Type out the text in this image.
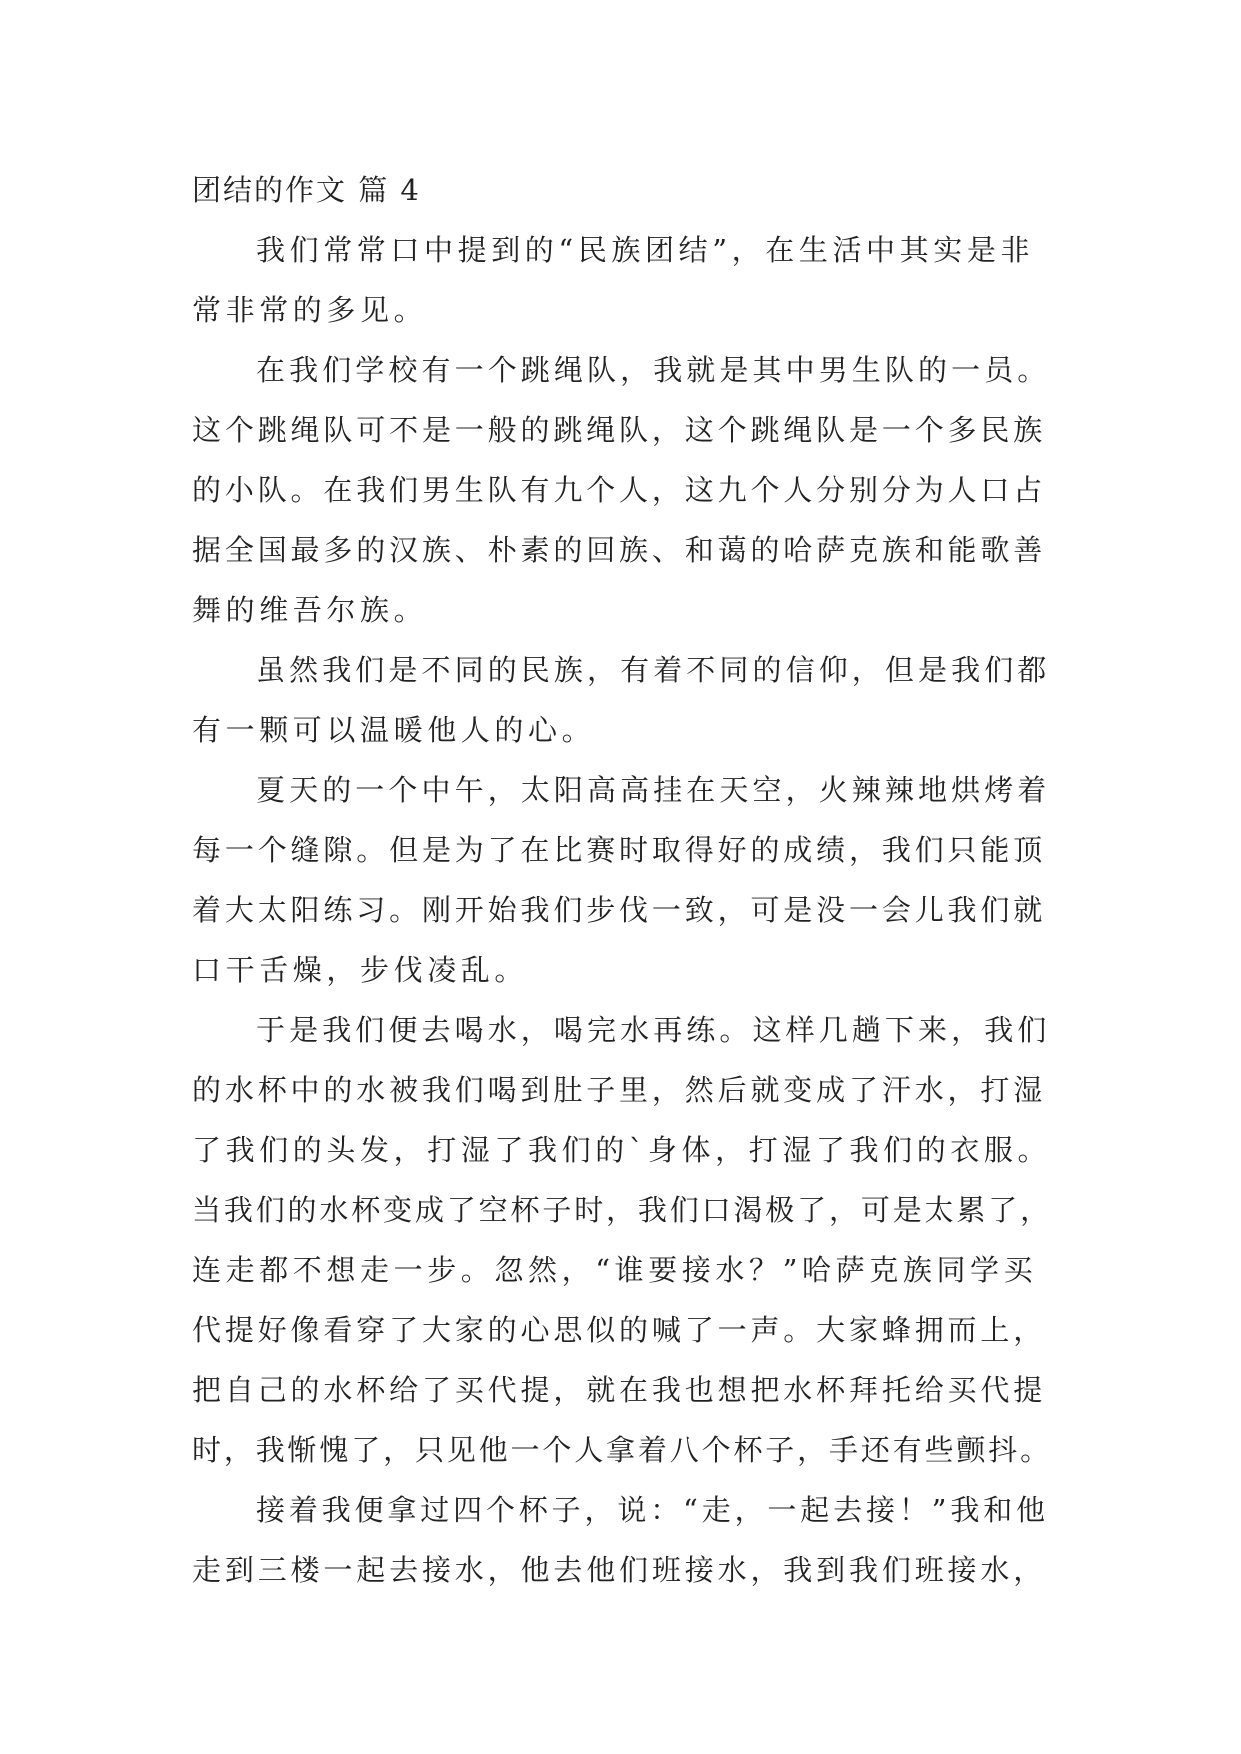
团结的作文 篇 4
我们常常口中提到的“民族团结”，在生活中其实是非
常非常的多见。
在我们学校有一个跳绳队，我就是其中男生队的一员。
这个跳绳队可不是一般的跳绳队，这个跳绳队是一个多民族
的小队。在我们男生队有九个人，这九个人分别分为人口占
据全国最多的汉族、朴素的回族、和蔼的哈萨克族和能歌善
舞的维吾尔族。
虽然我们是不同的民族，有着不同的信仰，但是我们都
有一颗可以温暖他人的心。
夏天的一个中午，太阳高高挂在天空，火辣辣地烘烤着
每一个缝隙。但是为了在比赛时取得好的成绩，我们只能顶
着大太阳练习。刚开始我们步伐一致，可是没一会儿我们就
口干舌燥，步伐凌乱。
于是我们便去喝水，喝完水再练。这样几趟下来，我们
的水杯中的水被我们喝到肚子里，然后就变成了汗水，打湿
了我们的头发，打湿了我们的`身体，打湿了我们的衣服。
当我们的水杯变成了空杯子时，我们口渴极了，可是太累了，
连走都不想走一步。忽然，“谁要接水？”哈萨克族同学买
代提好像看穿了大家的心思似的喊了一声。大家蜂拥而上，
把自己的水杯给了买代提，就在我也想把水杯拜托给买代提
时，我惭愧了，只见他一个人拿着八个杯子，手还有些颤抖。
接着我便拿过四个杯子，说：“走，一起去接！”我和他
走到三楼一起去接水，他去他们班接水，我到我们班接水，
